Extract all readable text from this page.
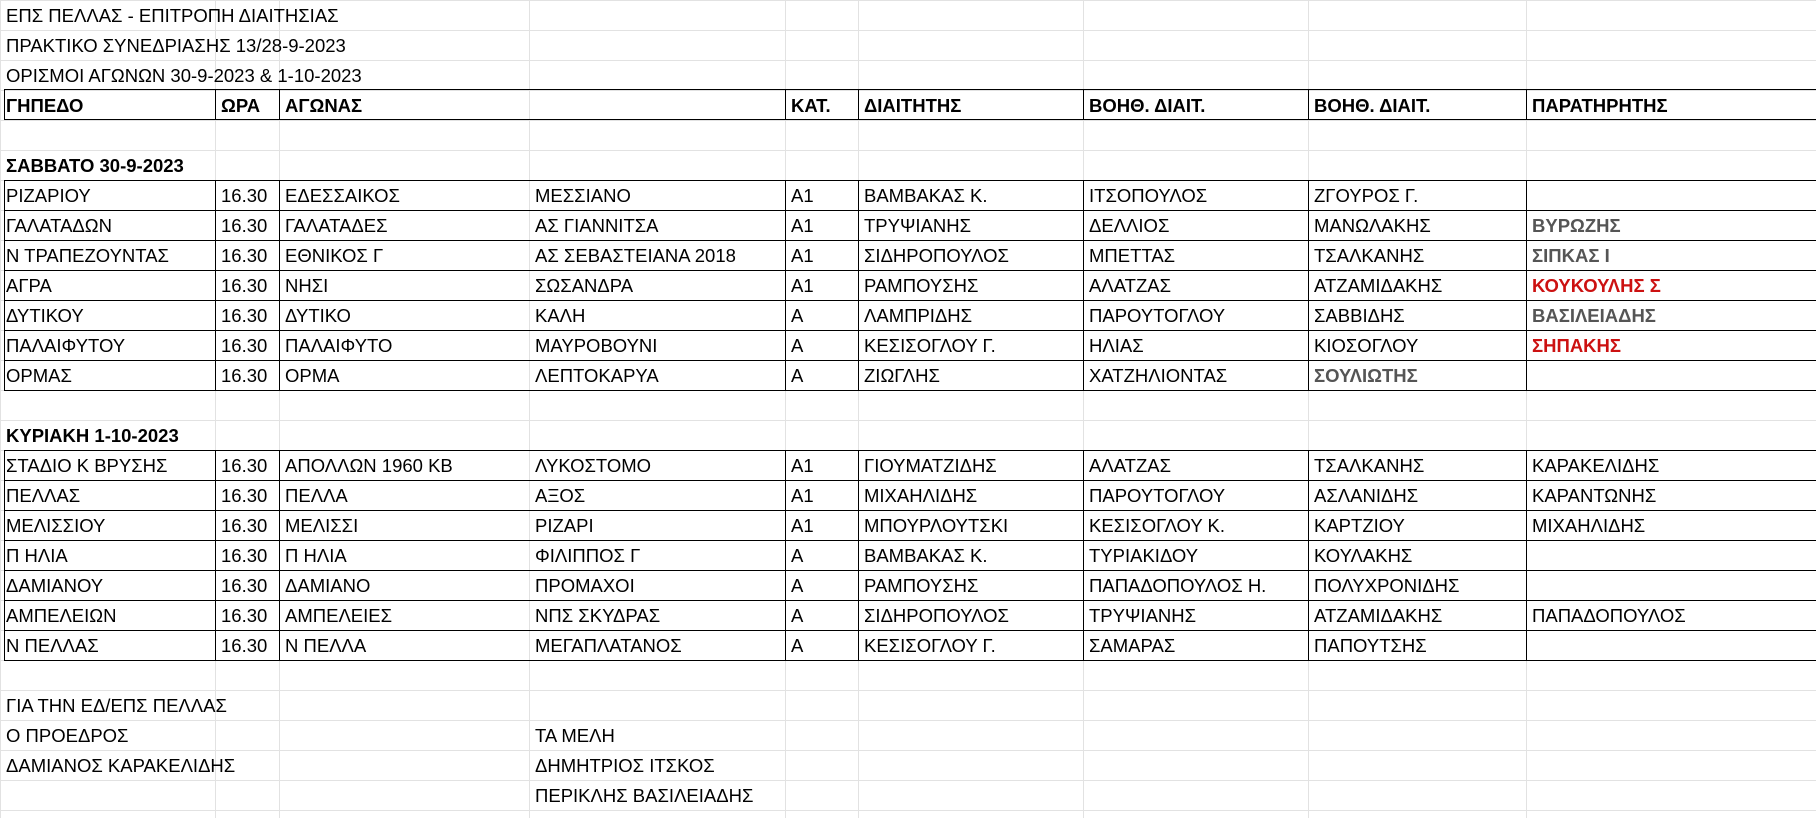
ΕΠΣ ΠΕΛΛΑΣ - ΕΠΙΤΡΟΠΗ ΔΙΑΙΤΗΣΙΑΣ
ΠΡΑΚΤΙΚΟ ΣΥΝΕΔΡΙΑΣΗΣ 13/28-9-2023
ΟΡΙΣΜΟΙ ΑΓΩΝΩΝ 30-9-2023 & 1-10-2023
ΓΗΠΕΔΟ	ΩΡΑ	ΑΓΩΝΑΣ	ΚΑΤ.	ΔΙΑΙΤΗΤΗΣ	ΒΟΗΘ. ΔΙΑΙΤ.	ΒΟΗΘ. ΔΙΑΙΤ.	ΠΑΡΑΤΗΡΗΤΗΣ
ΣΑΒΒΑΤΟ 30-9-2023
ΚΥΡΙΑΚΗ 1-10-2023
ΡΙΖΑΡΙΟΥ	16.30 ΕΔΕΣΣΑΙΚΟΣ	ΜΕΣΣΙΑΝΟ	Α1	ΒΑΜΒΑΚΑΣ Κ.	ΙΤΣΟΠΟΥΛΟΣ	ΖΓΟΥΡΟΣ Γ.
ΓΑΛΑΤΑΔΩΝ	16.30 ΓΑΛΑΤΑΔΕΣ	ΑΣ ΓΙΑΝΝΙΤΣΑ	Α1	ΤΡΥΨΙΑΝΗΣ	ΔΕΛΛΙΟΣ	ΜΑΝΩΛΑΚΗΣ	ΒΥΡΩΖΗΣ
Ν ΤΡΑΠΕΖΟΥΝΤΑΣ	16.30 ΕΘΝΙΚΟΣ Γ	ΑΣ ΣΕΒΑΣΤΕΙΑΝΑ 2018	Α1	ΣΙΔΗΡΟΠΟΥΛΟΣ	ΜΠΕΤΤΑΣ	ΤΣΑΛΚΑΝΗΣ	ΣΙΠΚΑΣ Ι
ΑΓΡΑ	16.30 ΝΗΣΙ	ΣΩΣΑΝΔΡΑ	Α1	ΡΑΜΠΟΥΣΗΣ	ΑΛΑΤΖΑΣ	ΑΤΖΑΜΙΔΑΚΗΣ	ΚΟΥΚΟΥΛΗΣ Σ
ΔΥΤΙΚΟΥ	16.30 ΔΥΤΙΚΟ	ΚΑΛΗ	Α	ΛΑΜΠΡΙΔΗΣ	ΠΑΡΟΥΤΟΓΛΟΥ	ΣΑΒΒΙΔΗΣ	ΒΑΣΙΛΕΙΑΔΗΣ
ΠΑΛΑΙΦΥΤΟΥ	16.30 ΠΑΛΑΙΦΥΤΟ	ΜΑΥΡΟΒΟΥΝΙ	Α	ΚΕΣΙΣΟΓΛΟΥ Γ.	ΗΛΙΑΣ	ΚΙΟΣΟΓΛΟΥ	ΣΗΠΑΚΗΣ
ΟΡΜΑΣ	16.30 ΟΡΜΑ	ΛΕΠΤΟΚΑΡΥΑ	Α	ΖΙΩΓΛΗΣ	ΧΑΤΖΗΛΙΟΝΤΑΣ	ΣΟΥΛΙΩΤΗΣ
ΣΤΑΔΙΟ Κ ΒΡΥΣΗΣ	16.30 ΑΠΟΛΛΩΝ 1960 ΚΒ	ΛΥΚΟΣΤΟΜΟ	Α1	ΓΙΟΥΜΑΤΖΙΔΗΣ	ΑΛΑΤΖΑΣ	ΤΣΑΛΚΑΝΗΣ	ΚΑΡΑΚΕΛΙΔΗΣ
ΠΕΛΛΑΣ	16.30 ΠΕΛΛΑ	ΑΞΟΣ	Α1	ΜΙΧΑΗΛΙΔΗΣ	ΠΑΡΟΥΤΟΓΛΟΥ	ΑΣΛΑΝΙΔΗΣ	ΚΑΡΑΝΤΩΝΗΣ
ΜΕΛΙΣΣΙΟΥ	16.30 ΜΕΛΙΣΣΙ	ΡΙΖΑΡΙ	Α1	ΜΠΟΥΡΛΟΥΤΣΚΙ	ΚΕΣΙΣΟΓΛΟΥ Κ.	ΚΑΡΤΖΙΟΥ	ΜΙΧΑΗΛΙΔΗΣ
Π ΗΛΙΑ	16.30 Π ΗΛΙΑ	ΦΙΛΙΠΠΟΣ Γ	Α	ΒΑΜΒΑΚΑΣ Κ.	ΤΥΡΙΑΚΙΔΟΥ	ΚΟΥΛΑΚΗΣ
ΔΑΜΙΑΝΟΥ	16.30 ΔΑΜΙΑΝΟ	ΠΡΟΜΑΧΟΙ	Α	ΡΑΜΠΟΥΣΗΣ	ΠΑΠΑΔΟΠΟΥΛΟΣ Η.	ΠΟΛΥΧΡΟΝΙΔΗΣ
ΑΜΠΕΛΕΙΩΝ	16.30 ΑΜΠΕΛΕΙΕΣ	ΝΠΣ ΣΚΥΔΡΑΣ	Α	ΣΙΔΗΡΟΠΟΥΛΟΣ	ΤΡΥΨΙΑΝΗΣ	ΑΤΖΑΜΙΔΑΚΗΣ	ΠΑΠΑΔΟΠΟΥΛΟΣ
Ν ΠΕΛΛΑΣ	16.30 Ν ΠΕΛΛΑ	ΜΕΓΑΠΛΑΤΑΝΟΣ	Α	ΚΕΣΙΣΟΓΛΟΥ Γ.	ΣΑΜΑΡΑΣ	ΠΑΠΟΥΤΣΗΣ
ΓΙΑ ΤΗΝ ΕΔ/ΕΠΣ ΠΕΛΛΑΣ
Ο ΠΡΟΕΔΡΟΣ
ΔΑΜΙΑΝΟΣ ΚΑΡΑΚΕΛΙΔΗΣ
ΤΑ ΜΕΛΗ
ΔΗΜΗΤΡΙΟΣ ΙΤΣΚΟΣ
ΠΕΡΙΚΛΗΣ ΒΑΣΙΛΕΙΑΔΗΣ
